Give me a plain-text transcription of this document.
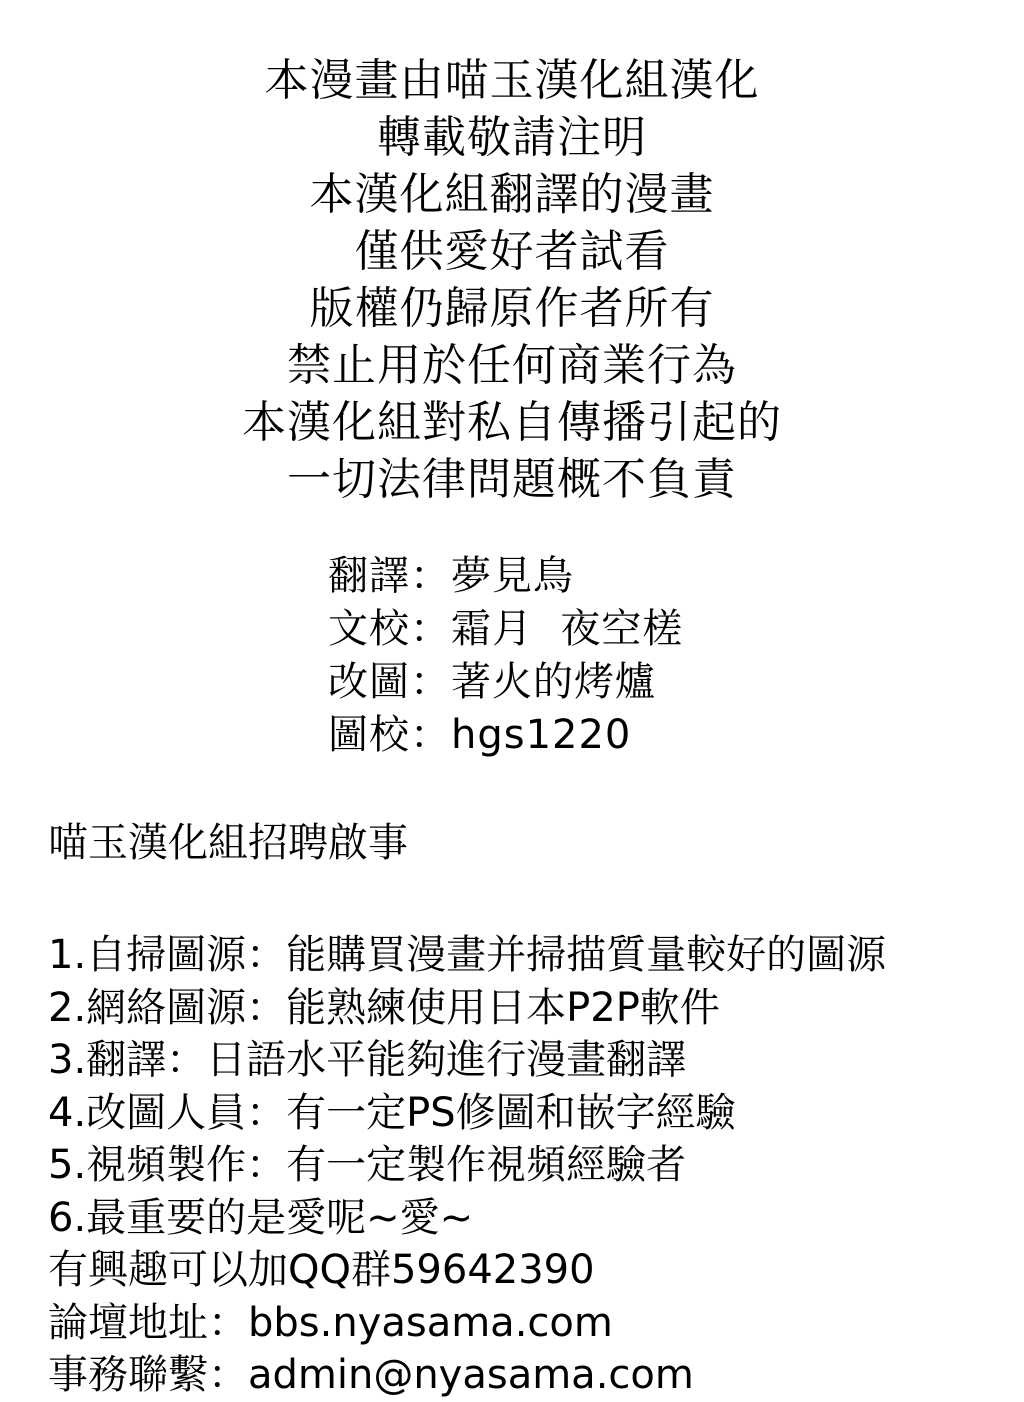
本漫畫由喵玉漢化組漢化
轉載敬請注明
本漢化組翻譯的漫畫
僅供愛好者試看
版權仍歸原作者所有
禁止用於任何商業行為
本漢化組對私自傳播引起的
一切法律問題概不負責
翻譯：夢見鳥
文校：霜月  夜空槎
改圖：著火的烤爐
圖校：hgs1220
喵玉漢化組招聘啟事
1.自掃圖源：能購買漫畫并掃描質量較好的圖源
2.網絡圖源：能熟練使用日本P2P軟件
3.翻譯：日語水平能夠進行漫畫翻譯
4.改圖人員：有一定PS修圖和嵌字經驗
5.視頻製作：有一定製作視頻經驗者
6.最重要的是愛呢~愛~
有興趣可以加QQ群59642390
論壇地址：bbs.nyasama.com
事務聯繫：admin@nyasama.com
